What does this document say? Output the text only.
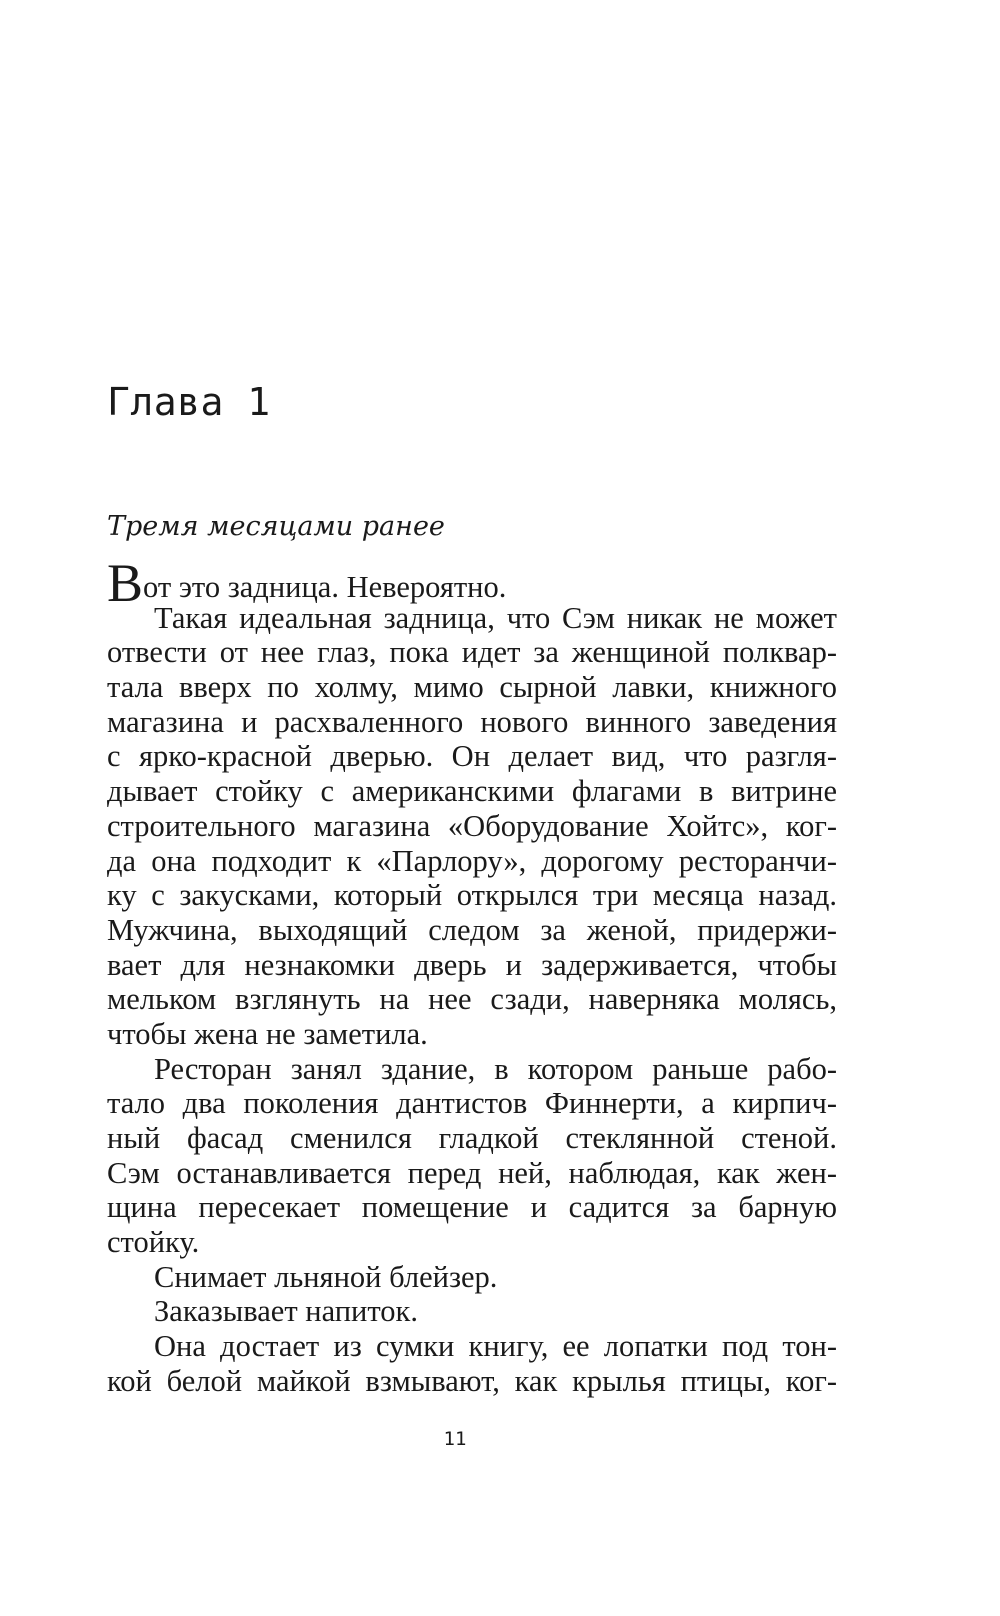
Глава 1

Тремя месяцами ранее

Вот это задница. Невероятно.
Такая идеальная задница, что Сэм никак не может
отвести от нее глаз, пока идет за женщиной полквар-
тала вверх по холму, мимо сырной лавки, книжного
магазина и расхваленного нового винного заведения
с ярко-красной дверью. Он делает вид, что разгля-
дывает стойку с американскими флагами в витрине
строительного магазина «Оборудование Хойтс», ког-
да она подходит к «Парлору», дорогому ресторанчи-
ку с закусками, который открылся три месяца назад.
Мужчина, выходящий следом за женой, придержи-
вает для незнакомки дверь и задерживается, чтобы
мельком взглянуть на нее сзади, наверняка молясь,
чтобы жена не заметила.
Ресторан занял здание, в котором раньше рабо-
тало два поколения дантистов Финнерти, а кирпич-
ный фасад сменился гладкой стеклянной стеной.
Сэм останавливается перед ней, наблюдая, как жен-
щина пересекает помещение и садится за барную
стойку.
Снимает льняной блейзер.
Заказывает напиток.
Она достает из сумки книгу, ее лопатки под тон-
кой белой майкой взмывают, как крылья птицы, ког-
11
